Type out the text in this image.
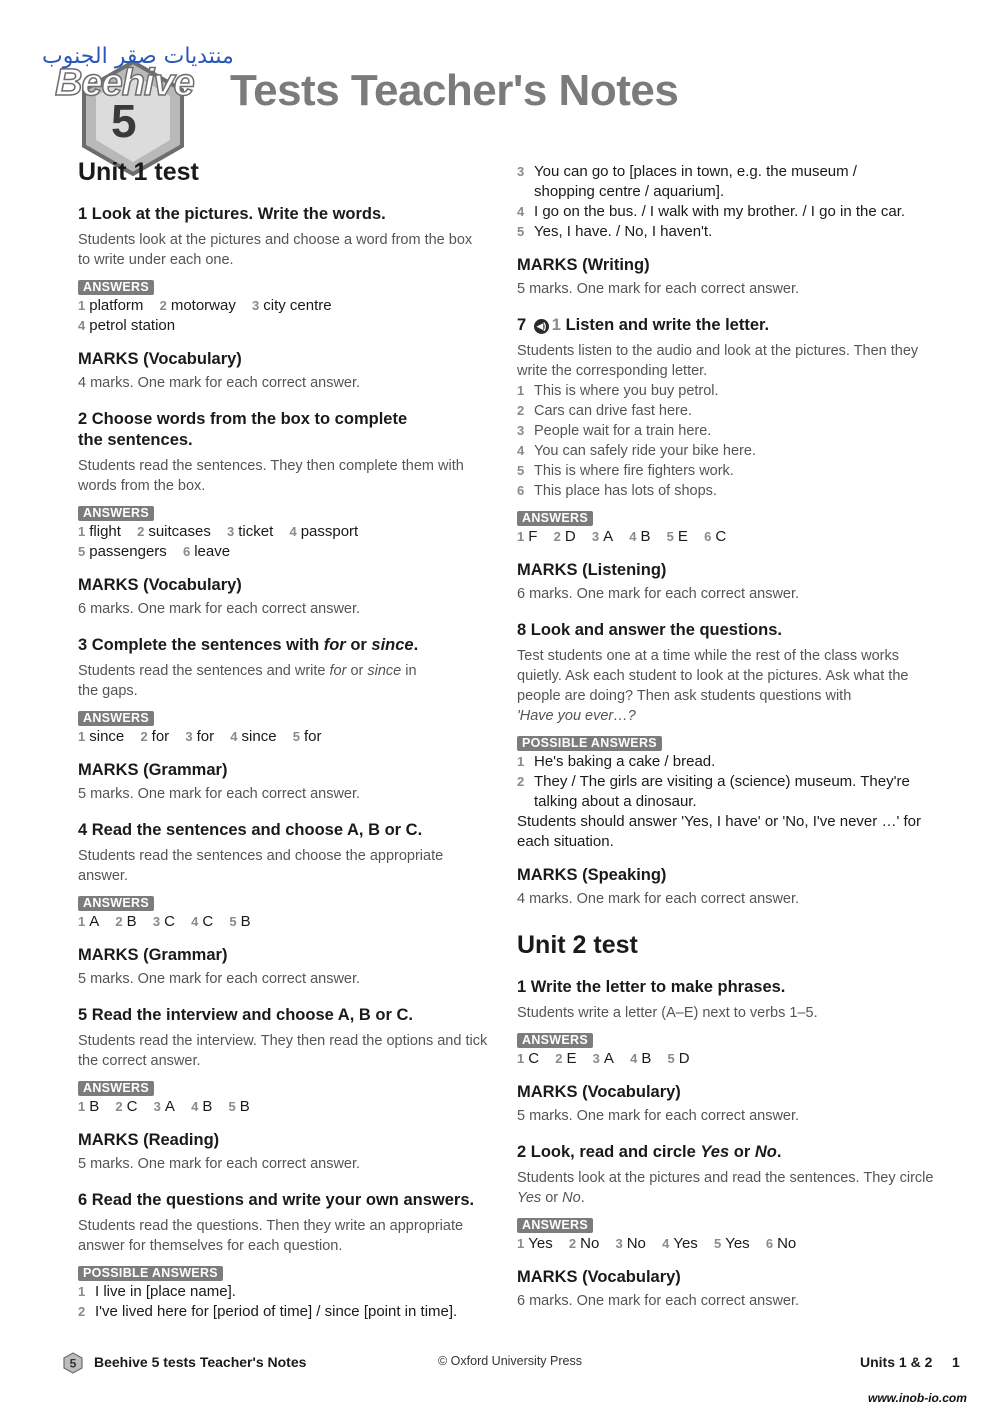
منتديات صقر الجنوب
Beehive
5
Tests Teacher's Notes
Unit 1 test
1 Look at the pictures. Write the words.
Students look at the pictures and choose a word from the box to write under each one.
ANSWERS
1 platform 2 motorway 3 city centre
4 petrol station
MARKS (Vocabulary)
4 marks. One mark for each correct answer.
2 Choose words from the box to complete the sentences.
Students read the sentences. They then complete them with words from the box.
ANSWERS
1 flight 2 suitcases 3 ticket 4 passport
5 passengers 6 leave
MARKS (Vocabulary)
6 marks. One mark for each correct answer.
3 Complete the sentences with for or since.
Students read the sentences and write for or since in the gaps.
ANSWERS
1 since 2 for 3 for 4 since 5 for
MARKS (Grammar)
5 marks. One mark for each correct answer.
4 Read the sentences and choose A, B or C.
Students read the sentences and choose the appropriate answer.
ANSWERS
1 A 2 B 3 C 4 C 5 B
MARKS (Grammar)
5 marks. One mark for each correct answer.
5 Read the interview and choose A, B or C.
Students read the interview. They then read the options and tick the correct answer.
ANSWERS
1 B 2 C 3 A 4 B 5 B
MARKS (Reading)
5 marks. One mark for each correct answer.
6 Read the questions and write your own answers.
Students read the questions. Then they write an appropriate answer for themselves for each question.
POSSIBLE ANSWERS
1 I live in [place name].
2 I've lived here for [period of time] / since [point in time].
3 You can go to [places in town, e.g. the museum / shopping centre / aquarium].
4 I go on the bus. / I walk with my brother. / I go in the car.
5 Yes, I have. / No, I haven't.
MARKS (Writing)
5 marks. One mark for each correct answer.
7 ◀) 1 Listen and write the letter.
Students listen to the audio and look at the pictures. Then they write the corresponding letter.
1 This is where you buy petrol.
2 Cars can drive fast here.
3 People wait for a train here.
4 You can safely ride your bike here.
5 This is where fire fighters work.
6 This place has lots of shops.
ANSWERS
1 F 2 D 3 A 4 B 5 E 6 C
MARKS (Listening)
6 marks. One mark for each correct answer.
8 Look and answer the questions.
Test students one at a time while the rest of the class works quietly. Ask each student to look at the pictures. Ask what the people are doing? Then ask students questions with
'Have you ever…?
POSSIBLE ANSWERS
1 He's baking a cake / bread.
2 They / The girls are visiting a (science) museum. They're talking about a dinosaur.
Students should answer 'Yes, I have' or 'No, I've never …' for each situation.
MARKS (Speaking)
4 marks. One mark for each correct answer.
Unit 2 test
1 Write the letter to make phrases.
Students write a letter (A–E) next to verbs 1–5.
ANSWERS
1 C 2 E 3 A 4 B 5 D
MARKS (Vocabulary)
5 marks. One mark for each correct answer.
2 Look, read and circle Yes or No.
Students look at the pictures and read the sentences. They circle Yes or No.
ANSWERS
1 Yes 2 No 3 No 4 Yes 5 Yes 6 No
MARKS (Vocabulary)
6 marks. One mark for each correct answer.
5 Beehive 5 tests Teacher's Notes	© Oxford University Press	Units 1 & 2 1
www.inob-io.com
